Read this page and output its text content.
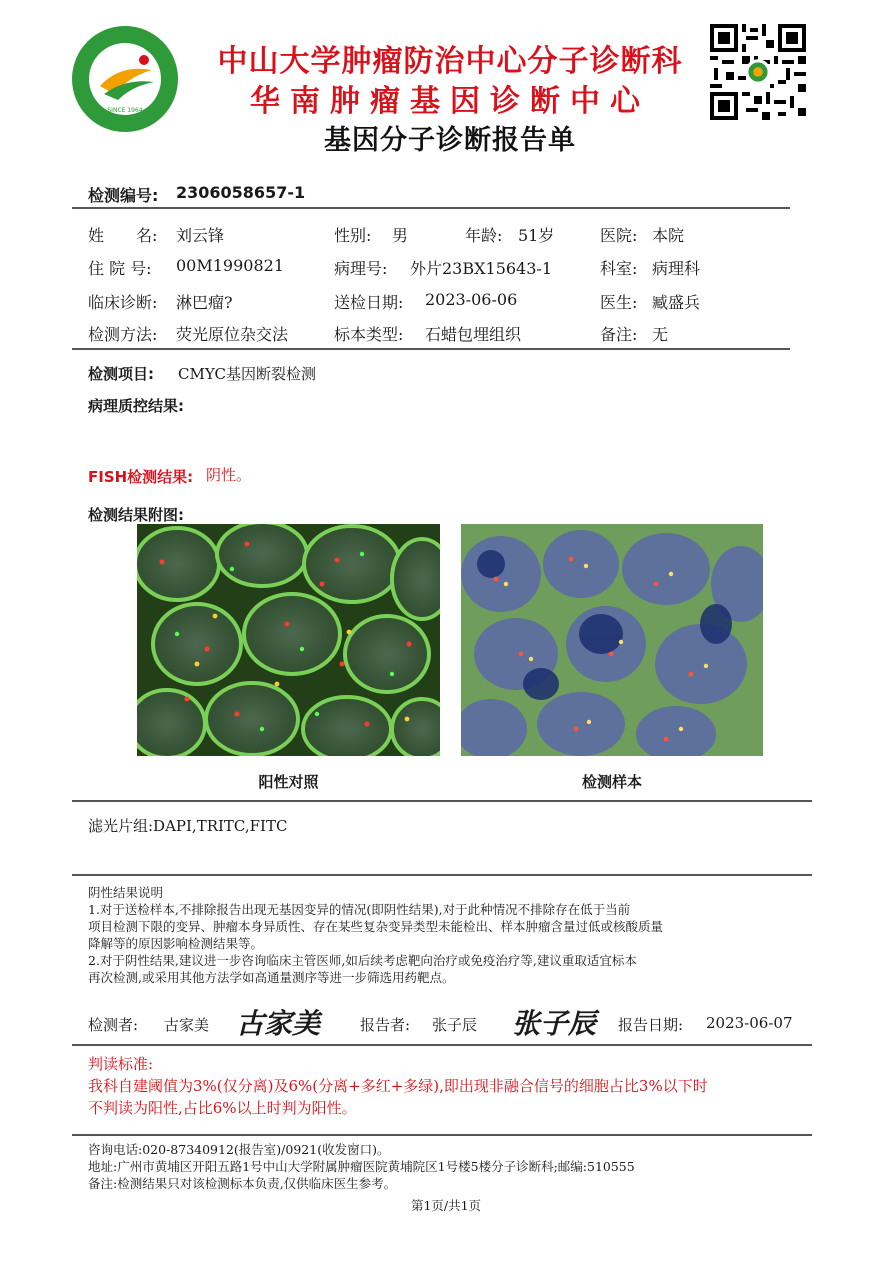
SINCE 1964
中山大学肿瘤防治中心分子诊断科
华南肿瘤基因诊断中心
基因分子诊断报告单
检测编号: 2306058657-1
姓　　名: 刘云锋	性别: 男	年龄: 51岁	医院: 本院
住 院 号: 00M1990821	病理号: 外片23BX15643-1	科室: 病理科
临床诊断: 淋巴瘤?	送检日期: 2023-06-06	医生: 臧盛兵
检测方法: 荧光原位杂交法	标本类型: 石蜡包埋组织	备注: 无
检测项目: CMYC基因断裂检测
病理质控结果:
FISH检测结果: 阴性。
检测结果附图:
阳性对照	检测样本
滤光片组:DAPI,TRITC,FITC
阴性结果说明
1.对于送检样本,不排除报告出现无基因变异的情况(即阴性结果),对于此种情况不排除存在低于当前
项目检测下限的变异、肿瘤本身异质性、存在某些复杂变异类型未能检出、样本肿瘤含量过低或核酸质量
降解等的原因影响检测结果等。
2.对于阴性结果,建议进一步咨询临床主管医师,如后续考虑靶向治疗或免疫治疗等,建议重取适宜标本
再次检测,或采用其他方法学如高通量测序等进一步筛选用药靶点。
检测者: 古家美 古家美	报告者: 张子辰 张子辰 报告日期: 2023-06-07
判读标准:
我科自建阈值为3%(仅分离)及6%(分离+多红+多绿),即出现非融合信号的细胞占比3%以下时
不判读为阳性,占比6%以上时判为阳性。
咨询电话:020-87340912(报告室)/0921(收发窗口)。
地址:广州市黄埔区开阳五路1号中山大学附属肿瘤医院黄埔院区1号楼5楼分子诊断科;邮编:510555
备注:检测结果只对该检测标本负责,仅供临床医生参考。
第1页/共1页
